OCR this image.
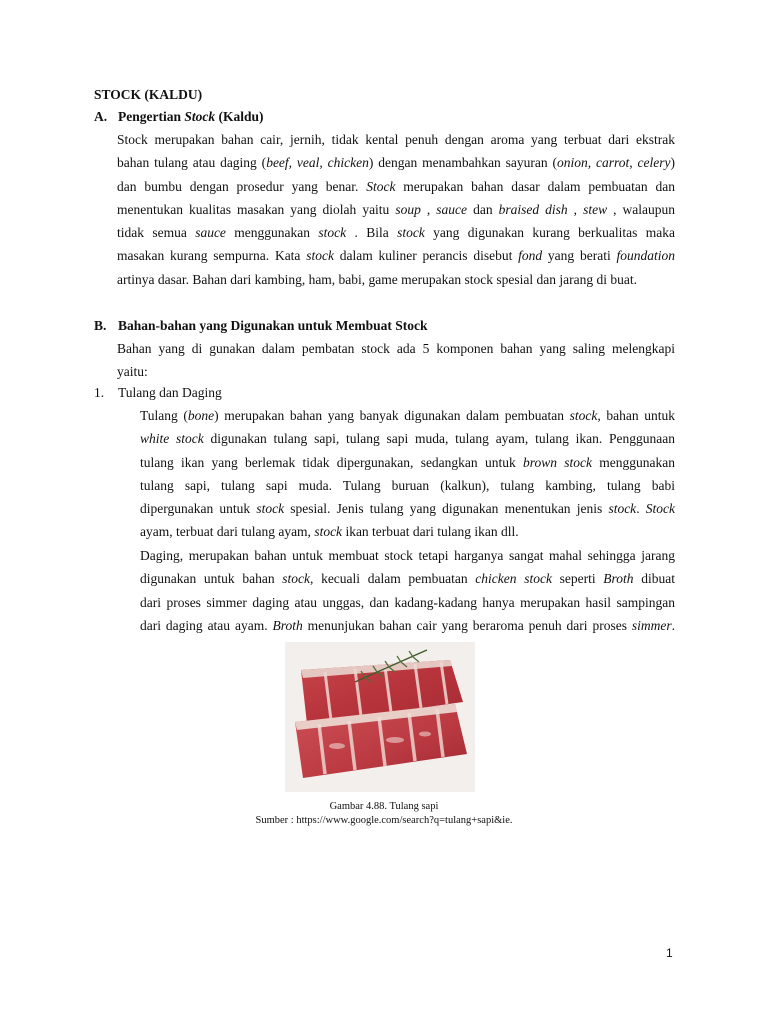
STOCK (KALDU)
A. Pengertian Stock (Kaldu)
Stock merupakan bahan cair, jernih, tidak kental penuh dengan aroma yang terbuat dari ekstrak
bahan tulang atau daging (beef, veal, chicken) dengan menambahkan sayuran (onion, carrot, celery)
dan bumbu dengan prosedur yang benar. Stock merupakan bahan dasar dalam pembuatan dan
menentukan kualitas masakan yang diolah yaitu soup , sauce dan braised dish , stew , walaupun
tidak semua sauce menggunakan stock . Bila stock yang digunakan kurang berkualitas maka
masakan kurang sempurna. Kata stock dalam kuliner perancis disebut fond yang berati foundation
artinya dasar. Bahan dari kambing, ham, babi, game merupakan stock spesial dan jarang di buat.
B. Bahan-bahan yang Digunakan untuk Membuat Stock
Bahan yang di gunakan dalam pembatan stock ada 5 komponen bahan yang saling melengkapi
yaitu:
1. Tulang dan Daging
Tulang (bone) merupakan bahan yang banyak digunakan dalam pembuatan stock, bahan untuk
white stock digunakan tulang sapi, tulang sapi muda, tulang ayam, tulang ikan. Penggunaan
tulang ikan yang berlemak tidak dipergunakan, sedangkan untuk brown stock menggunakan
tulang sapi, tulang sapi muda. Tulang buruan (kalkun), tulang kambing, tulang babi
dipergunakan untuk stock spesial. Jenis tulang yang digunakan menentukan jenis stock. Stock
ayam, terbuat dari tulang ayam, stock ikan terbuat dari tulang ikan dll.
Daging, merupakan bahan untuk membuat stock tetapi harganya sangat mahal sehingga jarang
digunakan untuk bahan stock, kecuali dalam pembuatan chicken stock seperti Broth dibuat
dari proses simmer daging atau unggas, dan kadang-kadang hanya merupakan hasil sampingan
dari daging atau ayam. Broth menunjukan bahan cair yang beraroma penuh dari proses simmer.
Gambar 4.88. Tulang sapi
Sumber : https://www.google.com/search?q=tulang+sapi&ie.
1
